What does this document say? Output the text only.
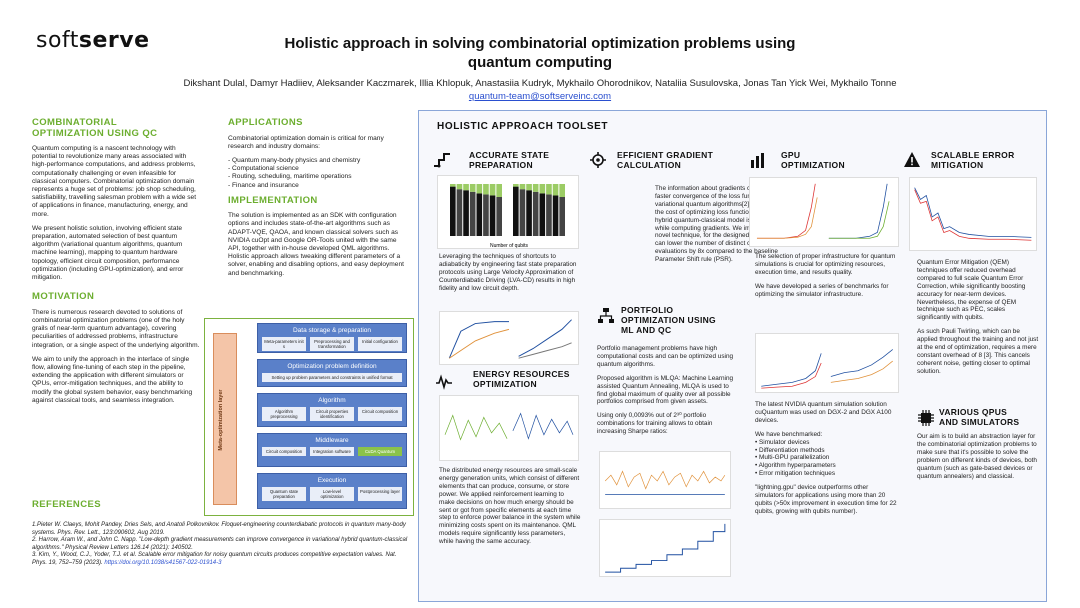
softserve	Holistic approach in solving combinatorial optimization problems using
quantum computing
Dikshant Dulal, Damyr Hadiiev, Aleksander Kaczmarek, Illia Khlopuk, Anastasiia Kudryk, Mykhailo Ohorodnikov, Nataliia Susulovska, Jonas Tan Yick Wei, Mykhailo Tonne
quantum-team@softserveinc.com
COMBINATORIAL
OPTIMIZATION USING QC
Quantum computing is a nascent technology with potential to revolutionize many areas associated with high-performance computations, and address problems, computationally challenging or even infeasible for classical computers. Combinatorial optimization domain represents a huge set of problems: job shop scheduling, satisfiability, travelling salesman problem with a wide set of applications in finance, manufacturing, energy, and more.
We present holistic solution, involving efficient state preparation, automated selection of best quantum algorithm (variational quantum algorithms, quantum machine learning), mapping to quantum hardware topology, efficient circuit composition, performance optimization (including GPU-optimization), and error mitigation.
MOTIVATION
There is numerous research devoted to solutions of combinatorial optimization problems (one of the holy grails of near-term quantum advantage), covering peculiarities of addressed problems, infrastructure integration, or a single aspect of the underlying algorithm.
We aim to unify the approach in the interface of single flow, allowing fine-tuning of each step in the pipeline, extending the application with different simulators or QPUs, error-mitigation techniques, and the ability to modify the global system behavior, easy benchmarking against classical tools, and seamless integration.
REFERENCES
APPLICATIONS
Combinatorial optimization domain is critical for many research and industry domains:
- Quantum many-body physics and chemistry
- Computational science
- Routing, scheduling, maritime operations
- Finance and insurance
IMPLEMENTATION
The solution is implemented as an SDK with configuration options and includes state-of-the-art algorithms such as ADAPT-VQE, QAOA, and known classical solvers such as NVIDIA cuOpt and Google OR-Tools united with the same API, together with in-house developed QML algorithms. Holistic approach allows tweaking different parameters of a solver, enabling and disabling options, and easy deployment and benchmarking.
Meta-optimization layer
Data storage & preparation
Meta-parameters init s
Preprocessing and transformation
Initial configuration
Optimization problem definition
Setting up problem parameters and constraints in unified format
Algorithm
Algorithm preprocessing
Circuit properties identification
Circuit composition
Middleware
Circuit composition	Integration software	CuDA Quantum
Execution
Quantum state preparation
Low-level optimization
Postprocessing layer
1.Pieter W. Claeys, Mohit Pandey, Dries Sels, and Anatoli Polkovnikov. Floquet-engineering counterdiabatic protocols in quantum many-body systems. Phys. Rev. Lett., 123:090602, Aug 2019.
2. Harrow, Aram W., and John C. Napp. "Low-depth gradient measurements can improve convergence in variational hybrid quantum-classical algorithms." Physical Review Letters 126.14 (2021): 140502.
3. Kim, Y., Wood, C.J., Yoder, T.J. et al. Scalable error mitigation for noisy quantum circuits produces competitive expectation values. Nat. Phys. 19, 752–759 (2023). https://doi.org/10.1038/s41567-022-01914-3
HOLISTIC APPROACH TOOLSET
ACCURATE STATE
PREPARATION
Number of qubits
Leveraging the techniques of shortcuts to adiabaticity by engineering fast state preparation protocols using Large Velocity Approximation of Counterdiabatic Driving (LVA-CD) results in high fidelity and low circuit depth.
ENERGY RESOURCES
OPTIMIZATION
The distributed energy resources are small-scale energy generation units, which consist of different elements that can produce, consume, or store power. We applied reinforcement learning to make decisions on how much energy should be sent or got from specific elements at each time step to enforce power balance in the system while minimizing costs spent on its maintenance. QML models require significantly less parameters, while having the same accuracy.
EFFICIENT GRADIENT
CALCULATION
The information about gradients can lead to faster convergence of the loss function in variational quantum algorithms[2]. However, the cost of optimizing loss functions in a hybrid quantum-classical model is very high while computing gradients. We implement a novel technique, for the designed ansatz that can lower the number of distinct circuit evaluations by 8x compared to the baseline Parameter Shift rule (PSR).
PORTFOLIO
OPTIMIZATION USING
ML AND QC
Portfolio management problems have high computational costs and can be optimized using quantum algorithms.
Proposed algorithm is MLQA: Machine Learning assisted Quantum Annealing, MLQA is used to find global maximum of quality over all possible portfolios comprised from given assets.
Using only 0,0093% out of 2³⁰ portfolio combinations for training allows to obtain increasing Sharpe ratios:
GPU
OPTIMIZATION
The selection of proper infrastructure for quantum simulations is crucial for optimizing resources, execution time, and results quality.
We have developed a series of benchmarks for optimizing the simulator infrastructure.
The latest NVIDIA quantum simulation solution cuQuantum was used on DGX-2 and DGX A100 devices.
We have benchmarked:
• Simulator devices
• Differentiation methods
• Multi-GPU parallelization
• Algorithm hyperparameters
• Error mitigation techniques
"lightning.gpu" device outperforms other simulators for applications using more than 20 qubits (>50x improvement in execution time for 22 qubits, growing with qubits number).
SCALABLE ERROR
MITIGATION
Quantum Error Mitigation (QEM) techniques offer reduced overhead compared to full scale Quantum Error Correction, while significantly boosting accuracy for near-term devices. Nevertheless, the expense of QEM technique such as PEC, scales significantly with qubits.
As such Pauli Twirling, which can be applied throughout the training and not just at the end of optimization, requires a mere constant overhead of 8 [3]. This cancels coherent noise, getting closer to optimal solution.
VARIOUS QPUS
AND SIMULATORS
Our aim is to build an abstraction layer for the combinatorial optimization problems to make sure that it's possible to solve the problem on different kinds of devices, both quantum (such as gate-based devices or quantum annealers) and classical.
